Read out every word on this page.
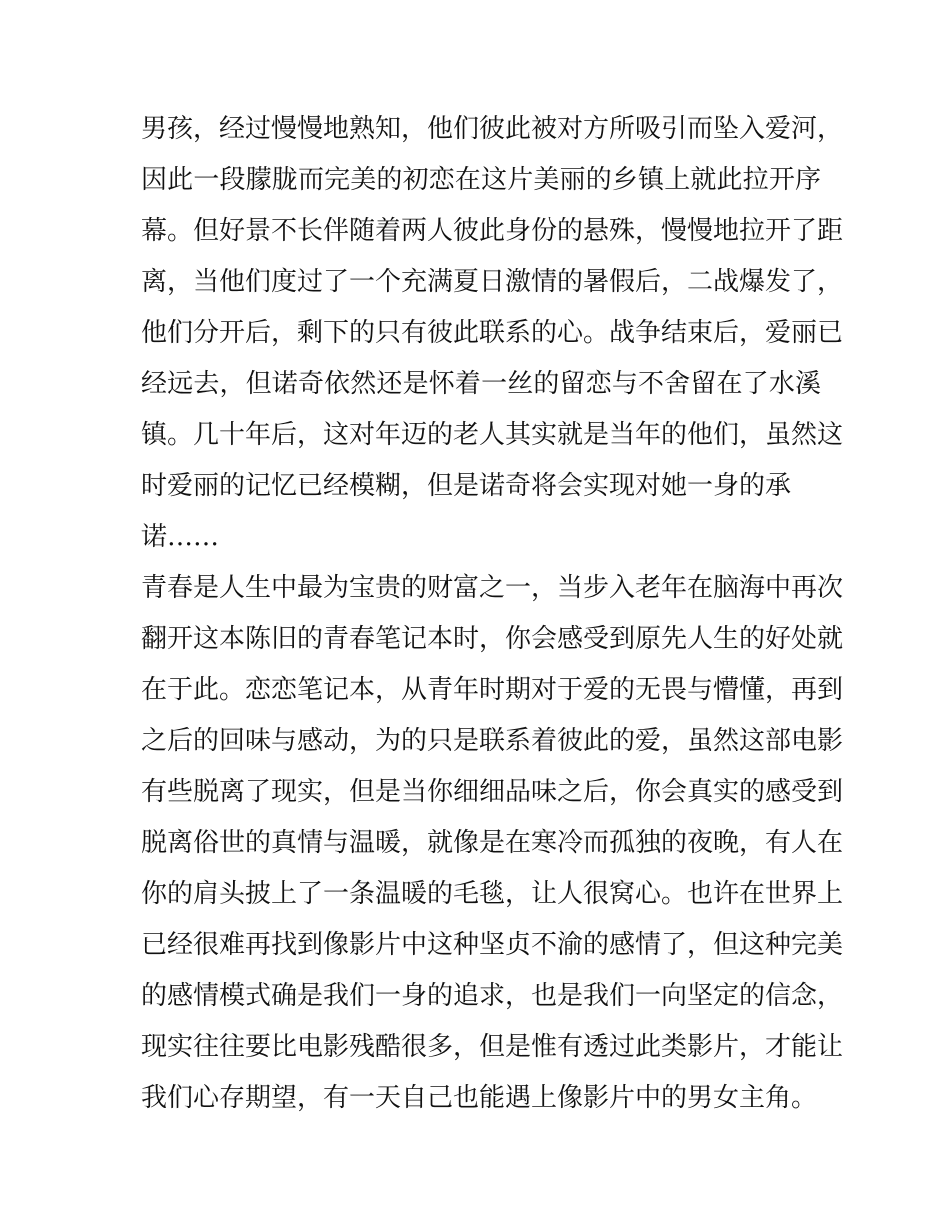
男孩，经过慢慢地熟知，他们彼此被对方所吸引而坠入爱河，
因此一段朦胧而完美的初恋在这片美丽的乡镇上就此拉开序
幕。但好景不长伴随着两人彼此身份的悬殊，慢慢地拉开了距
离，当他们度过了一个充满夏日激情的暑假后，二战爆发了，
他们分开后，剩下的只有彼此联系的心。战争结束后，爱丽已
经远去，但诺奇依然还是怀着一丝的留恋与不舍留在了水溪
镇。几十年后，这对年迈的老人其实就是当年的他们，虽然这
时爱丽的记忆已经模糊，但是诺奇将会实现对她一身的承
诺……
青春是人生中最为宝贵的财富之一，当步入老年在脑海中再次
翻开这本陈旧的青春笔记本时，你会感受到原先人生的好处就
在于此。恋恋笔记本，从青年时期对于爱的无畏与懵懂，再到
之后的回味与感动，为的只是联系着彼此的爱，虽然这部电影
有些脱离了现实，但是当你细细品味之后，你会真实的感受到
脱离俗世的真情与温暖，就像是在寒冷而孤独的夜晚，有人在
你的肩头披上了一条温暖的毛毯，让人很窝心。也许在世界上
已经很难再找到像影片中这种坚贞不渝的感情了，但这种完美
的感情模式确是我们一身的追求，也是我们一向坚定的信念，
现实往往要比电影残酷很多，但是惟有透过此类影片，才能让
我们心存期望，有一天自己也能遇上像影片中的男女主角。
